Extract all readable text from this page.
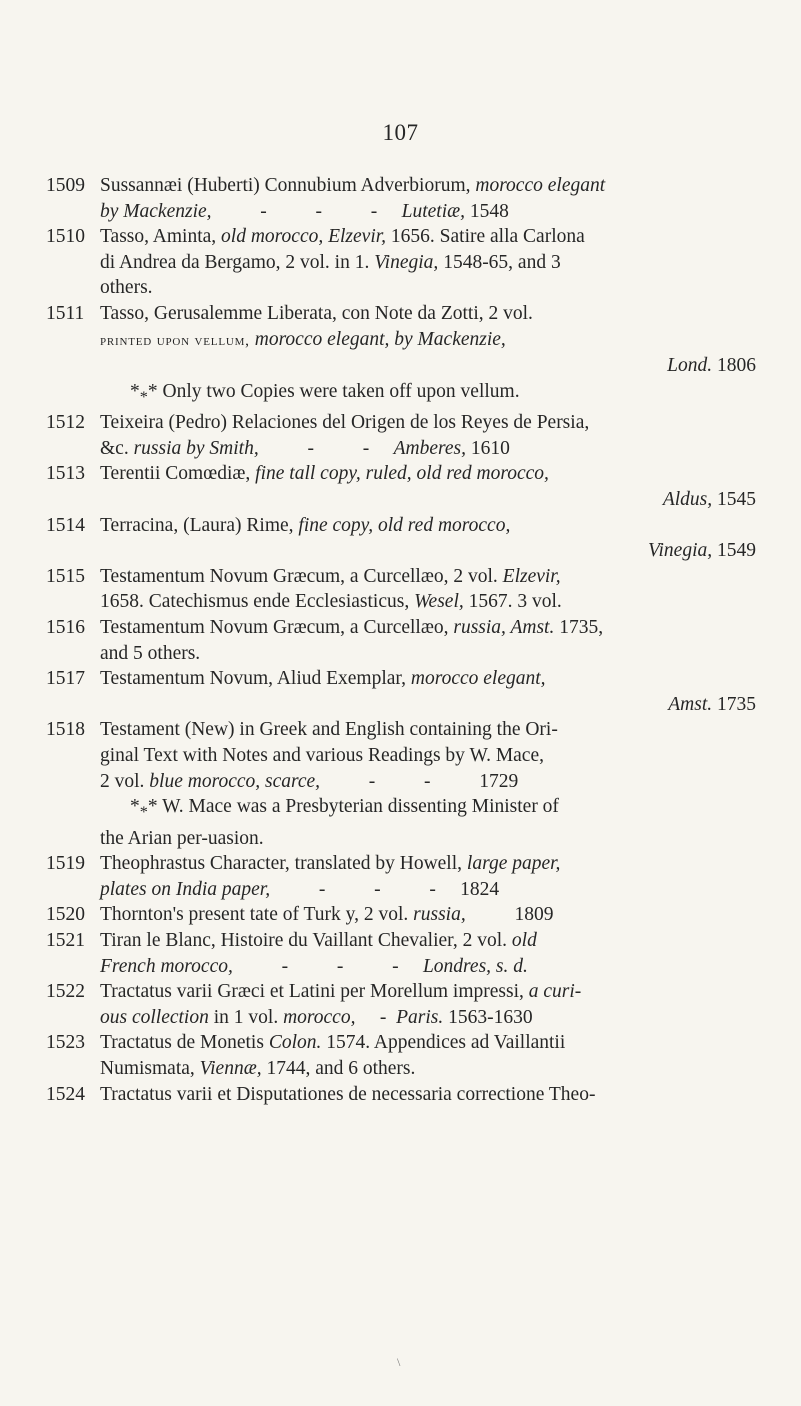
107
1509 Sussannæi (Huberti) Connubium Adverbiorum, morocco elegant
by Mackenzie,          -          -          -     Lutetiæ, 1548
1510 Tasso, Aminta, old morocco, Elzevir, 1656. Satire alla Carlona
di Andrea da Bergamo, 2 vol. in 1. Vinegia, 1548-65, and 3
others.
1511 Tasso, Gerusalemme Liberata, con Note da Zotti, 2 vol.
printed upon vellum, morocco elegant, by Mackenzie,
Lond. 1806
$*_**$ Only two Copies were taken off upon vellum.
1512 Teixeira (Pedro) Relaciones del Origen de los Reyes de Persia,
&c. russia by Smith,          -          -     Amberes, 1610
1513 Terentii Comœdiæ, fine tall copy, ruled, old red morocco,
Aldus, 1545
1514 Terracina, (Laura) Rime, fine copy, old red morocco,
Vinegia, 1549
1515 Testamentum Novum Græcum, a Curcellæo, 2 vol. Elzevir,
1658. Catechismus ende Ecclesiasticus, Wesel, 1567. 3 vol.
1516 Testamentum Novum Græcum, a Curcellæo, russia, Amst. 1735,
and 5 others.
1517 Testamentum Novum, Aliud Exemplar, morocco elegant,
Amst. 1735
1518 Testament (New) in Greek and English containing the Ori-
ginal Text with Notes and various Readings by W. Mace,
2 vol. blue morocco, scarce,          -          -          1729
$*_**$ W. Mace was a Presbyterian dissenting Minister of
the Arian per-uasion.
1519 Theophrastus Character, translated by Howell, large paper,
plates on India paper,          -          -          -     1824
1520 Thornton's present tate of Turk y, 2 vol. russia,          1809
1521 Tiran le Blanc, Histoire du Vaillant Chevalier, 2 vol. old
French morocco,          -          -          -     Londres, s. d.
1522 Tractatus varii Græci et Latini per Morellum impressi, a curi-
ous collection in 1 vol. morocco,     -  Paris. 1563-1630
1523 Tractatus de Monetis Colon. 1574. Appendices ad Vaillantii
Numismata, Viennæ, 1744, and 6 others.
1524 Tractatus varii et Disputationes de necessaria correctione Theo-
\
